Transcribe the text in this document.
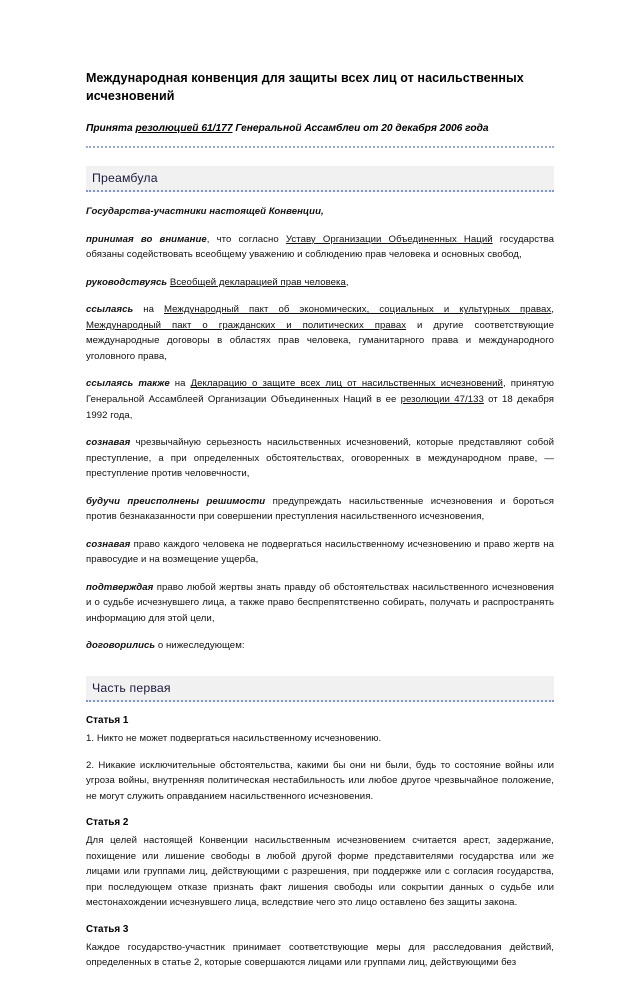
Международная конвенция для защиты всех лиц от насильственных исчезновений

Принята резолюцией 61/177 Генеральной Ассамблеи от 20 декабря 2006 года

Преамбула

Государства-участники настоящей Конвенции,

принимая во внимание, что согласно Уставу Организации Объединенных Наций государства обязаны содействовать всеобщему уважению и соблюдению прав человека и основных свобод,

руководствуясь Всеобщей декларацией прав человека,

ссылаясь на Международный пакт об экономических, социальных и культурных правах, Международный пакт о гражданских и политических правах и другие соответствующие международные договоры в областях прав человека, гуманитарного права и международного уголовного права,

ссылаясь также на Декларацию о защите всех лиц от насильственных исчезновений, принятую Генеральной Ассамблеей Организации Объединенных Наций в ее резолюции 47/133 от 18 декабря 1992 года,

сознавая чрезвычайную серьезность насильственных исчезновений, которые представляют собой преступление, а при определенных обстоятельствах, оговоренных в международном праве, — преступление против человечности,

будучи преисполнены решимости предупреждать насильственные исчезновения и бороться против безнаказанности при совершении преступления насильственного исчезновения,

сознавая право каждого человека не подвергаться насильственному исчезновению и право жертв на правосудие и на возмещение ущерба,

подтверждая право любой жертвы знать правду об обстоятельствах насильственного исчезновения и о судьбе исчезнувшего лица, а также право беспрепятственно собирать, получать и распространять информацию для этой цели,

договорились о нижеследующем:

Часть первая
Статья 1

1. Никто не может подвергаться насильственному исчезновению.

2. Никакие исключительные обстоятельства, какими бы они ни были, будь то состояние войны или угроза войны, внутренняя политическая нестабильность или любое другое чрезвычайное положение, не могут служить оправданием насильственного исчезновения.

Статья 2

Для целей настоящей Конвенции насильственным исчезновением считается арест, задержание, похищение или лишение свободы в любой другой форме представителями государства или же лицами или группами лиц, действующими с разрешения, при поддержке или с согласия государства, при последующем отказе признать факт лишения свободы или сокрытии данных о судьбе или местонахождении исчезнувшего лица, вследствие чего это лицо оставлено без защиты закона.

Статья 3

Каждое государство-участник принимает соответствующие меры для расследования действий, определенных в статье 2, которые совершаются лицами или группами лиц, действующими без
